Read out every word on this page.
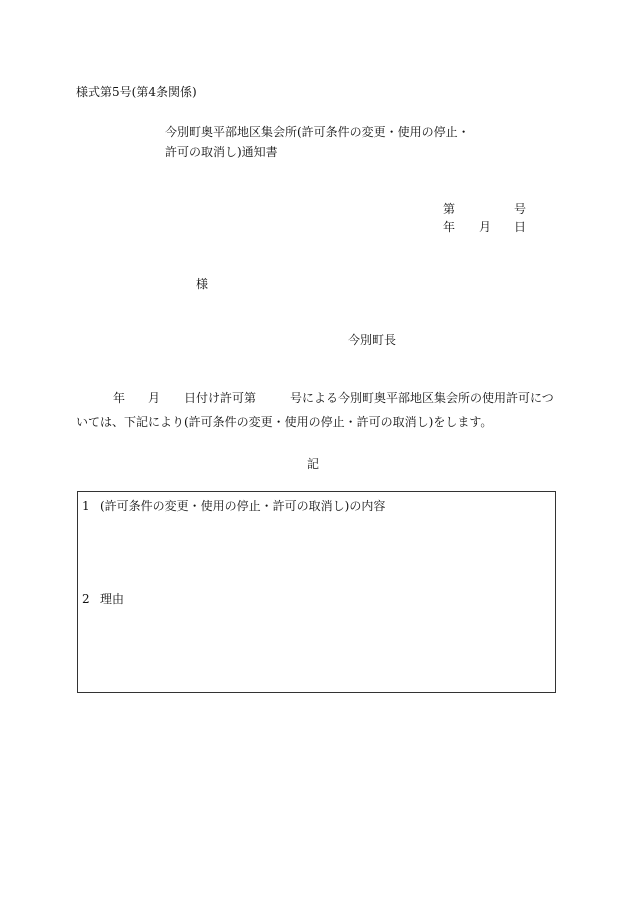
様式第5号(第4条関係)
今別町奥平部地区集会所(許可条件の変更・使用の停止・
許可の取消し)通知書
第	号
年 月 日
様
今別町長
年 月 日付け許可第	号による今別町奥平部地区集会所の使用許可につ
いては、下記により(許可条件の変更・使用の停止・許可の取消し)をします。
記
1 (許可条件の変更・使用の停止・許可の取消し)の内容
2 理由
